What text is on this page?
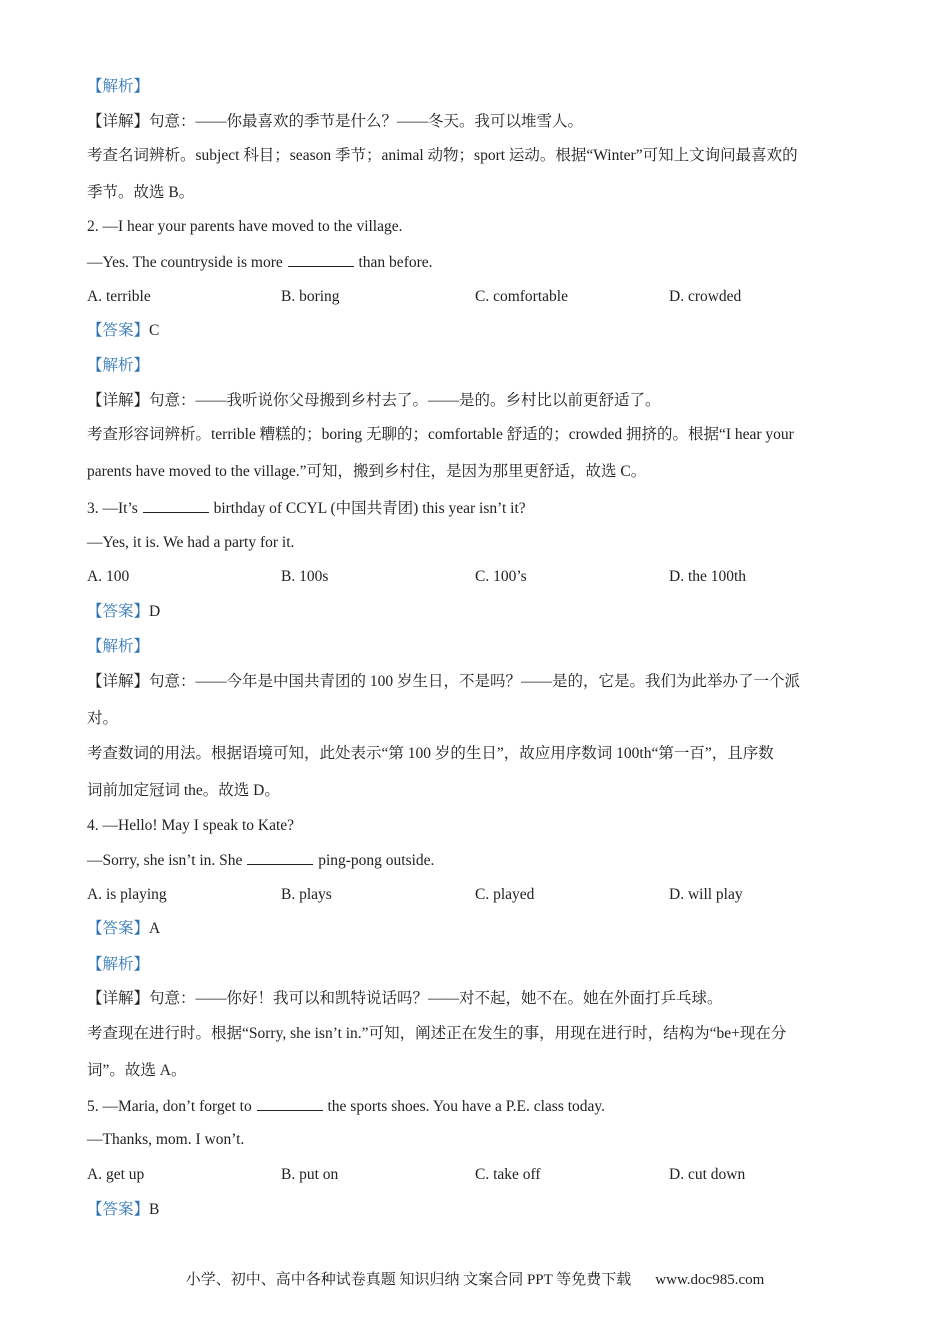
【解析】
【详解】句意：——你最喜欢的季节是什么？——冬天。我可以堆雪人。
考查名词辨析。subject 科目；season 季节；animal 动物；sport 运动。根据“Winter”可知上文询问最喜欢的
季节。故选 B。
2. —I hear your parents have moved to the village.
—Yes. The countryside is more	than before.
A. terrible	B. boring	C. comfortable	D. crowded
【答案】C
【解析】
【详解】句意：——我听说你父母搬到乡村去了。——是的。乡村比以前更舒适了。
考查形容词辨析。terrible 糟糕的；boring 无聊的；comfortable 舒适的；crowded 拥挤的。根据“I hear your
parents have moved to the village.”可知，搬到乡村住，是因为那里更舒适，故选 C。
3. —It’s	birthday of CCYL (中国共青团) this year isn’t it?
—Yes, it is. We had a party for it.
A. 100	B. 100s	C. 100’s	D. the 100th
【答案】D
【解析】
【详解】句意：——今年是中国共青团的 100 岁生日，不是吗？——是的，它是。我们为此举办了一个派
对。
考查数词的用法。根据语境可知，此处表示“第 100 岁的生日”，故应用序数词 100th“第一百”，且序数
词前加定冠词 the。故选 D。
4. —Hello! May I speak to Kate?
—Sorry, she isn’t in. She	ping-pong outside.
A. is playing	B. plays	C. played	D. will play
【答案】A
【解析】
【详解】句意：——你好！我可以和凯特说话吗？——对不起，她不在。她在外面打乒乓球。
考查现在进行时。根据“Sorry, she isn’t in.”可知，阐述正在发生的事，用现在进行时，结构为“be+现在分
词”。故选 A。
5. —Maria, don’t forget to	the sports shoes. You have a P.E. class today.
—Thanks, mom. I won’t.
A. get up	B. put on	C. take off	D. cut down
【答案】B
小学、初中、高中各种试卷真题 知识归纳 文案合同 PPT 等免费下载 www.doc985.com
